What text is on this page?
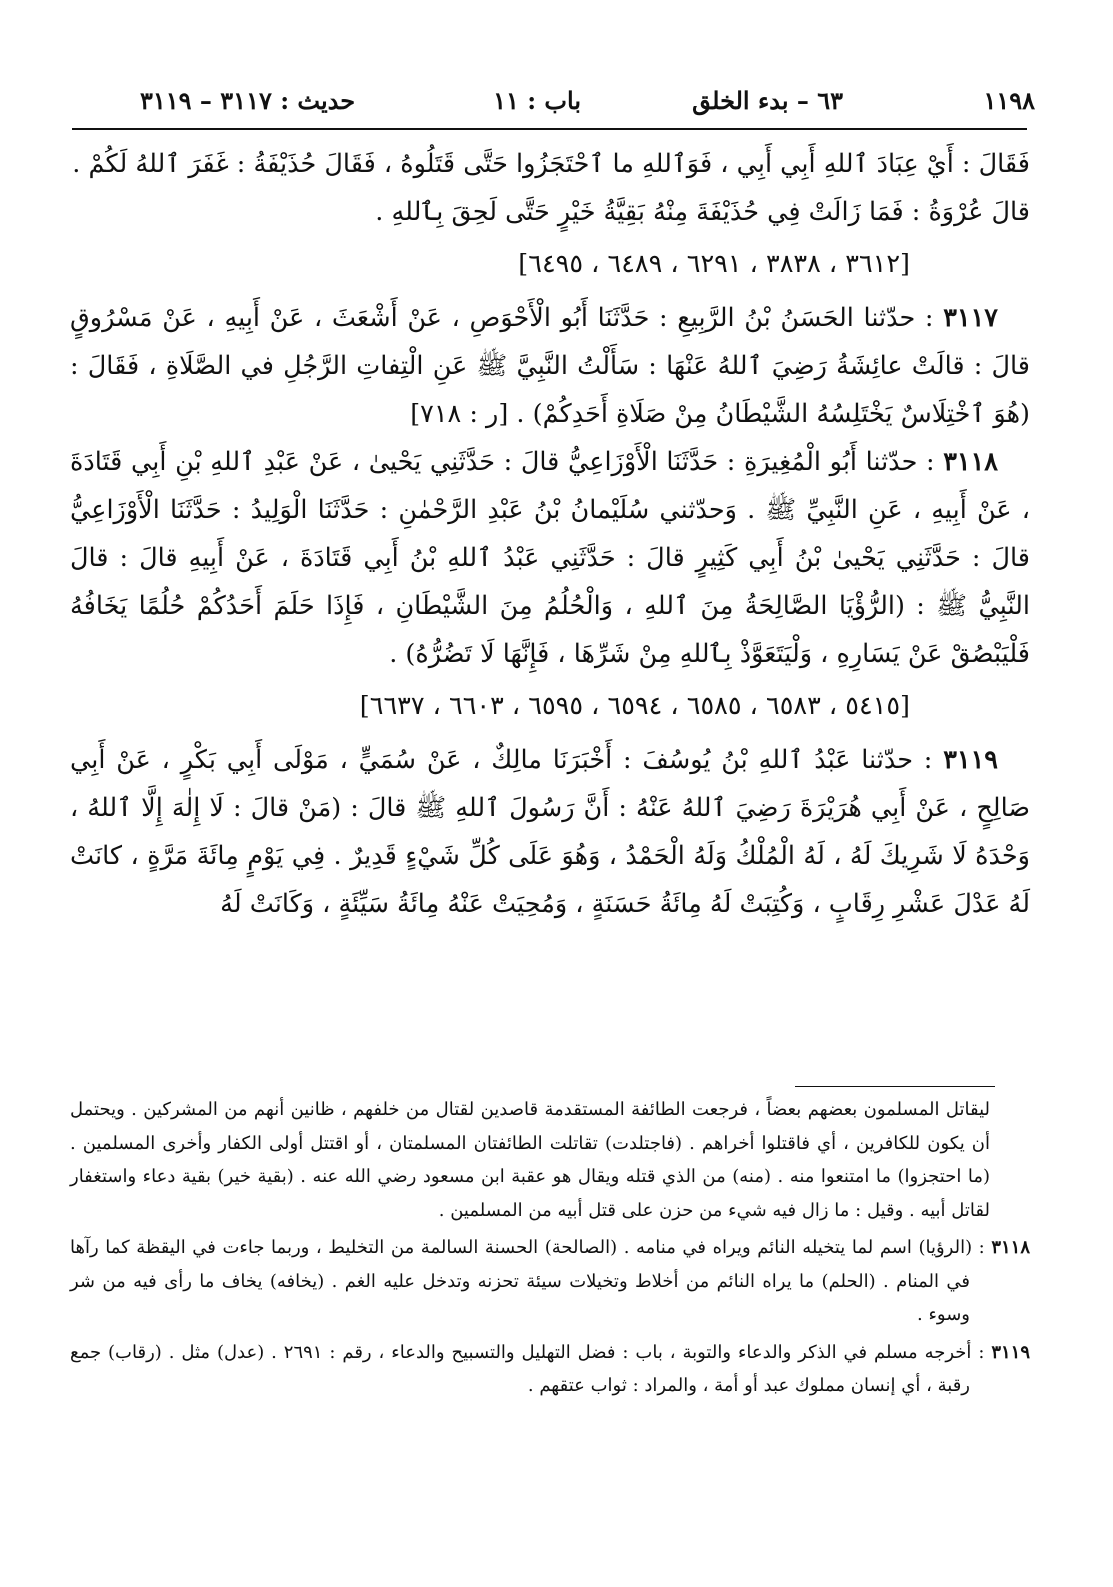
١١٩٨
٦٣ – بدء الخلق
باب : ١١
حديث : ٣١١٧ – ٣١١٩

فَقَالَ : أَيْ عِبَادَ ٱللهِ أَبِي أَبِي ، فَوَٱللهِ ما ٱحْتَجَزُوا حَتَّى قَتَلُوهُ ، فَقَالَ حُذَيْفَةُ : غَفَرَ ٱللهُ لَكُمْ .

قالَ عُرْوَةُ : فَمَا زَالَتْ فِي حُذَيْفَةَ مِنْهُ بَقِيَّةُ خَيْرٍ حَتَّى لَحِقَ بِٱللهِ .

[٣٦١٢ ، ٣٨٣٨ ، ٦٢٩١ ، ٦٤٨٩ ، ٦٤٩٥]

٣١١٧ : حدّثنا الحَسَنُ بْنُ الرَّبِيعِ : حَدَّثَنَا أَبُو الْأَحْوَصِ ، عَنْ أَشْعَثَ ، عَنْ أَبِيهِ ، عَنْ مَسْرُوقٍ قالَ : قالَتْ عائِشَةُ رَضِيَ ٱللهُ عَنْهَا : سَأَلْتُ النَّبِيَّ ﷺ عَنِ الْتِفاتِ الرَّجُلِ في الصَّلَاةِ ، فَقَالَ : (هُوَ ٱخْتِلَاسٌ يَخْتَلِسُهُ الشَّيْطَانُ مِنْ صَلَاةِ أَحَدِكُمْ) . [ر : ٧١٨]

٣١١٨ : حدّثنا أَبُو الْمُغِيرَةِ : حَدَّثَنَا الْأَوْزَاعِيُّ قالَ : حَدَّثَنِي يَحْيىٰ ، عَنْ عَبْدِ ٱللهِ بْنِ أَبِي قَتَادَةَ ، عَنْ أَبِيهِ ، عَنِ النَّبِيِّ ﷺ . وَحدّثني سُلَيْمانُ بْنُ عَبْدِ الرَّحْمٰنِ : حَدَّثَنَا الْوَلِيدُ : حَدَّثَنَا الْأَوْزَاعِيُّ قالَ : حَدَّثَنِي يَحْيىٰ بْنُ أَبِي كَثِيرٍ قالَ : حَدَّثَنِي عَبْدُ ٱللهِ بْنُ أَبِي قَتَادَةَ ، عَنْ أَبِيهِ قالَ : قالَ النَّبِيُّ ﷺ : (الرُّؤْيَا الصَّالِحَةُ مِنَ ٱللهِ ، وَالْحُلُمُ مِنَ الشَّيْطَانِ ، فَإِذَا حَلَمَ أَحَدُكُمْ حُلُمًا يَخَافُهُ فَلْيَبْصُقْ عَنْ يَسَارِهِ ، وَلْيَتَعَوَّذْ بِٱللهِ مِنْ شَرِّهَا ، فَإِنَّهَا لَا تَضُرُّهُ) .

[٥٤١٥ ، ٦٥٨٣ ، ٦٥٨٥ ، ٦٥٩٤ ، ٦٥٩٥ ، ٦٦٠٣ ، ٦٦٣٧]

٣١١٩ : حدّثنا عَبْدُ ٱللهِ بْنُ يُوسُفَ : أَخْبَرَنَا مالِكٌ ، عَنْ سُمَيٍّ ، مَوْلَى أَبِي بَكْرٍ ، عَنْ أَبِي صَالِحٍ ، عَنْ أَبِي هُرَيْرَةَ رَضِيَ ٱللهُ عَنْهُ : أَنَّ رَسُولَ ٱللهِ ﷺ قالَ : (مَنْ قالَ : لَا إِلٰهَ إِلَّا ٱللهُ ، وَحْدَهُ لَا شَرِيكَ لَهُ ، لَهُ الْمُلْكُ وَلَهُ الْحَمْدُ ، وَهُوَ عَلَى كُلِّ شَيْءٍ قَدِيرٌ . فِي يَوْمٍ مِائَةَ مَرَّةٍ ، كانَتْ لَهُ عَدْلَ عَشْرِ رِقَابٍ ، وَكُتِبَتْ لَهُ مِائَةُ حَسَنَةٍ ، وَمُحِيَتْ عَنْهُ مِائَةُ سَيِّئَةٍ ، وَكَانَتْ لَهُ

ليقاتل المسلمون بعضهم بعضاً ، فرجعت الطائفة المستقدمة قاصدين لقتال من خلفهم ، ظانين أنهم من المشركين . ويحتمل أن يكون للكافرين ، أي فاقتلوا أخراهم . (فاجتلدت) تقاتلت الطائفتان المسلمتان ، أو اقتتل أولى الكفار وأخرى المسلمين . (ما احتجزوا) ما امتنعوا منه . (منه) من الذي قتله ويقال هو عقبة ابن مسعود رضي الله عنه . (بقية خير) بقية دعاء واستغفار لقاتل أبيه . وقيل : ما زال فيه شيء من حزن على قتل أبيه من المسلمين .

٣١١٨ : (الرؤيا) اسم لما يتخيله النائم ويراه في منامه . (الصالحة) الحسنة السالمة من التخليط ، وربما جاءت في اليقظة كما رآها في المنام . (الحلم) ما يراه النائم من أخلاط وتخيلات سيئة تحزنه وتدخل عليه الغم . (يخافه) يخاف ما رأى فيه من شر وسوء .

٣١١٩ : أخرجه مسلم في الذكر والدعاء والتوبة ، باب : فضل التهليل والتسبيح والدعاء ، رقم : ٢٦٩١ . (عدل) مثل . (رقاب) جمع رقبة ، أي إنسان مملوك عبد أو أمة ، والمراد : ثواب عتقهم .
